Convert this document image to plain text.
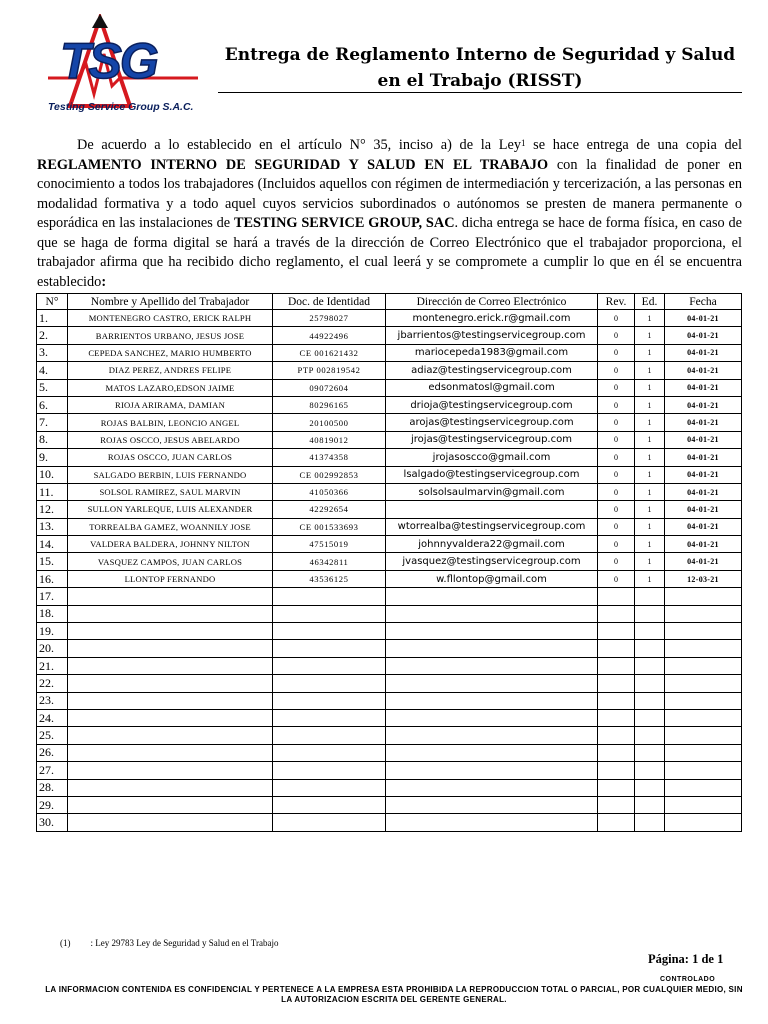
TSG
Testing Service Group S.A.C.
Entrega de Reglamento Interno de Seguridad y Salud en el Trabajo (RISST)

De acuerdo a lo establecido en el artículo N° 35, inciso a) de la Ley$^1$ se hace entrega de una copia del REGLAMENTO INTERNO DE SEGURIDAD Y SALUD EN EL TRABAJO con la finalidad de poner en conocimiento a todos los trabajadores (Incluidos aquellos con régimen de intermediación y tercerización, a las personas en modalidad formativa y a todo aquel cuyos servicios subordinados o autónomos se presten de manera permanente o esporádica en las instalaciones de TESTING SERVICE GROUP, SAC. dicha entrega se hace de forma física, en caso de que se haga de forma digital se hará a través de la dirección de Correo Electrónico que el trabajador proporciona, el trabajador afirma que ha recibido dicho reglamento, el cual leerá y se compromete a cumplir lo que en él se encuentra establecido:

N°	Nombre y Apellido del Trabajador	Doc. de Identidad	Dirección de Correo Electrónico	Rev.	Ed.	Fecha
1.	MONTENEGRO CASTRO, ERICK RALPH	25798027	montenegro.erick.r@gmail.com	0	1	04-01-21
2.	BARRIENTOS URBANO, JESUS JOSE	44922496	jbarrientos@testingservicegroup.com	0	1	04-01-21
3.	CEPEDA SANCHEZ, MARIO HUMBERTO	CE 001621432	mariocepeda1983@gmail.com	0	1	04-01-21
4.	DIAZ PEREZ, ANDRES FELIPE	PTP 002819542	adiaz@testingservicegroup.com	0	1	04-01-21
5.	MATOS LAZARO,EDSON JAIME	09072604	edsonmatosl@gmail.com	0	1	04-01-21
6.	RIOJA ARIRAMA, DAMIAN	80296165	drioja@testingservicegroup.com	0	1	04-01-21
7.	ROJAS BALBIN, LEONCIO ANGEL	20100500	arojas@testingservicegroup.com	0	1	04-01-21
8.	ROJAS OSCCO, JESUS ABELARDO	40819012	jrojas@testingservicegroup.com	0	1	04-01-21
9.	ROJAS OSCCO, JUAN CARLOS	41374358	jrojasoscco@gmail.com	0	1	04-01-21
10.	SALGADO BERBIN, LUIS FERNANDO	CE 002992853	lsalgado@testingservicegroup.com	0	1	04-01-21
11.	SOLSOL RAMIREZ, SAUL MARVIN	41050366	solsolsaulmarvin@gmail.com	0	1	04-01-21
12.	SULLON YARLEQUE, LUIS ALEXANDER	42292654		0	1	04-01-21
13.	TORREALBA GAMEZ, WOANNILY JOSE	CE 001533693	wtorrealba@testingservicegroup.com	0	1	04-01-21
14.	VALDERA BALDERA, JOHNNY NILTON	47515019	johnnyvaldera22@gmail.com	0	1	04-01-21
15.	VASQUEZ CAMPOS, JUAN CARLOS	46342811	jvasquez@testingservicegroup.com	0	1	04-01-21
16.	LLONTOP FERNANDO	43536125	w.fllontop@gmail.com	0	1	12-03-21
17.						
18.						
19.						
20.						
21.						
22.						
23.						
24.						
25.						
26.						
27.						
28.						
29.						
30.						
(1) : Ley 29783 Ley de Seguridad y Salud en el Trabajo
Página: 1 de 1
CONTROLADO
LA INFORMACION CONTENIDA ES CONFIDENCIAL Y PERTENECE A LA EMPRESA ESTA PROHIBIDA LA REPRODUCCION TOTAL O PARCIAL, POR CUALQUIER MEDIO, SIN LA AUTORIZACION ESCRITA DEL GERENTE GENERAL.
